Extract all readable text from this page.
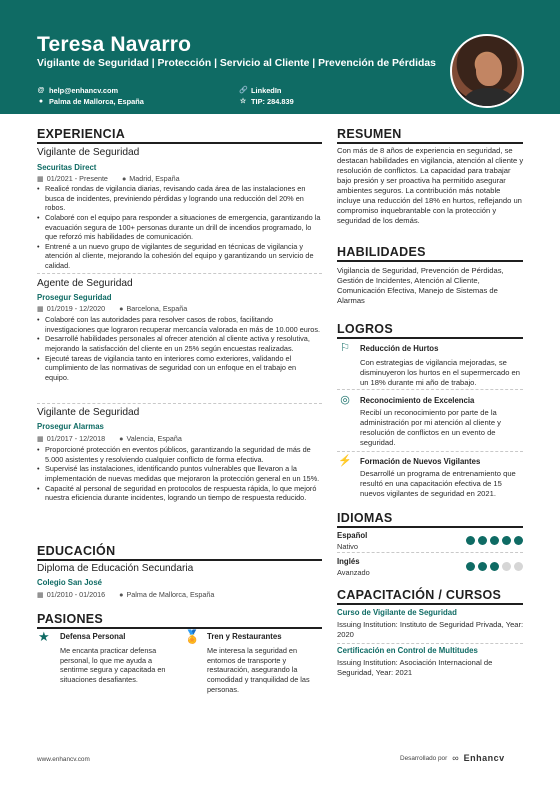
Teresa Navarro
Vigilante de Seguridad | Protección | Servicio al Cliente | Prevención de Pérdidas
@ help@enhancv.com	🔗 LinkedIn
● Palma de Mallorca, España	☆ TIP: 284.839
EXPERIENCIA
Vigilante de Seguridad
Securitas Direct
▦ 01/2021 - Presente ● Madrid, España
• Realicé rondas de vigilancia diarias, revisando cada área de las instalaciones en busca de incidentes, previniendo pérdidas y logrando una reducción del 20% en robos.
• Colaboré con el equipo para responder a situaciones de emergencia, garantizando la evacuación segura de 100+ personas durante un drill de incendios programado, lo que reforzó mis habilidades de comunicación.
• Entrené a un nuevo grupo de vigilantes de seguridad en técnicas de vigilancia y atención al cliente, mejorando la cohesión del equipo y garantizando un servicio de calidad.
Agente de Seguridad
Prosegur Seguridad
▦ 01/2019 - 12/2020 ● Barcelona, España
• Colaboré con las autoridades para resolver casos de robos, facilitando investigaciones que lograron recuperar mercancía valorada en más de 10.000 euros.
• Desarrollé habilidades personales al ofrecer atención al cliente activa y resolutiva, mejorando la satisfacción del cliente en un 25% según encuestas realizadas.
• Ejecuté tareas de vigilancia tanto en interiores como exteriores, validando el cumplimiento de las normativas de seguridad con un enfoque en el trabajo en equipo.
Vigilante de Seguridad
Prosegur Alarmas
▦ 01/2017 - 12/2018 ● Valencia, España
• Proporcioné protección en eventos públicos, garantizando la seguridad de más de 5.000 asistentes y resolviendo cualquier conflicto de forma efectiva.
• Supervisé las instalaciones, identificando puntos vulnerables que llevaron a la implementación de nuevas medidas que mejoraron la protección general en un 15%.
• Capacité al personal de seguridad en protocolos de respuesta rápida, lo que mejoró nuestra eficiencia durante incidentes, logrando un tiempo de respuesta reducido.
EDUCACIÓN
Diploma de Educación Secundaria
Colegio San José
▦ 01/2010 - 01/2016 ● Palma de Mallorca, España
PASIONES
★ Defensa Personal
Me encanta practicar defensa personal, lo que me ayuda a sentirme segura y capacitada en situaciones desafiantes.
🏅 Tren y Restaurantes
Me interesa la seguridad en entornos de transporte y restauración, asegurando la comodidad y tranquilidad de las personas.
RESUMEN
Con más de 8 años de experiencia en seguridad, se destacan habilidades en vigilancia, atención al cliente y resolución de conflictos. La capacidad para trabajar bajo presión y ser proactiva ha permitido asegurar ambientes seguros. La contribución más notable incluye una reducción del 18% en hurtos, reflejando un compromiso inquebrantable con la protección y seguridad de los demás.
HABILIDADES
Vigilancia de Seguridad, Prevención de Pérdidas, Gestión de Incidentes, Atención al Cliente, Comunicación Efectiva, Manejo de Sistemas de Alarmas
LOGROS
⚐ Reducción de Hurtos
Con estrategias de vigilancia mejoradas, se disminuyeron los hurtos en el supermercado en un 18% durante mi año de trabajo.
◎ Reconocimiento de Excelencia
Recibí un reconocimiento por parte de la administración por mi atención al cliente y resolución de conflictos en un evento de seguridad.
⚡ Formación de Nuevos Vigilantes
Desarrollé un programa de entrenamiento que resultó en una capacitación efectiva de 15 nuevos vigilantes de seguridad en 2021.
IDIOMAS
Español
Nativo
Inglés
Avanzado
CAPACITACIÓN / CURSOS
Curso de Vigilante de Seguridad
Issuing Institution: Instituto de Seguridad Privada, Year: 2020
Certificación en Control de Multitudes
Issuing Institution: Asociación Internacional de Seguridad, Year: 2021
www.enhancv.com	Desarrollado por ∞ Enhancv
